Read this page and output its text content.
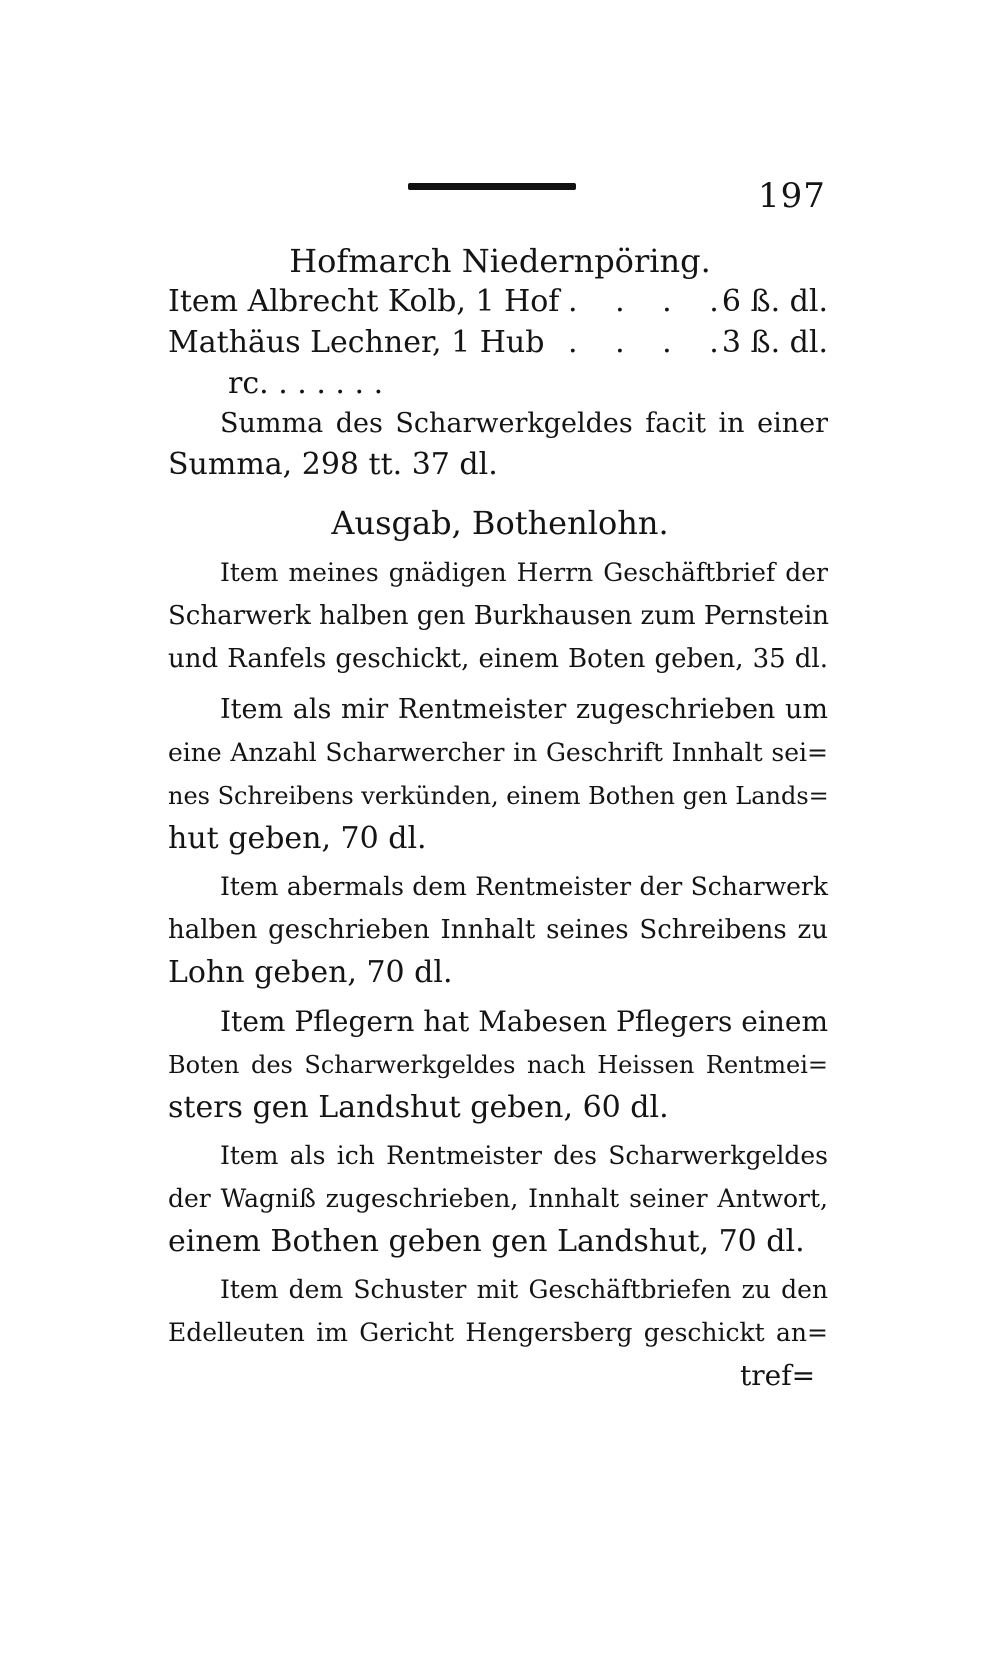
197
Hofmarch Niedernpöring.
Item Albrecht Kolb, 1 Hof . . . .
6 ß. dl.
Mathäus Lechner, 1 Hub . . . .
3 ß. dl.
rc. . . . . . .
Summa des Scharwerkgeldes facit in einer
Summa, 298 tt. 37 dl.
Ausgab, Bothenlohn.
Item meines gnädigen Herrn Geschäftbrief der
Scharwerk halben gen Burkhausen zum Pernstein
und Ranfels geschickt, einem Boten geben, 35 dl.
Item als mir Rentmeister zugeschrieben um
eine Anzahl Scharwercher in Geschrift Innhalt sei=
nes Schreibens verkünden, einem Bothen gen Lands=
hut geben, 70 dl.
Item abermals dem Rentmeister der Scharwerk
halben geschrieben Innhalt seines Schreibens zu
Lohn geben, 70 dl.
Item Pflegern hat Mabesen Pflegers einem
Boten des Scharwerkgeldes nach Heissen Rentmei=
sters gen Landshut geben, 60 dl.
Item als ich Rentmeister des Scharwerkgeldes
der Wagniß zugeschrieben, Innhalt seiner Antwort,
einem Bothen geben gen Landshut, 70 dl.
Item dem Schuster mit Geschäftbriefen zu den
Edelleuten im Gericht Hengersberg geschickt an=
tref=
